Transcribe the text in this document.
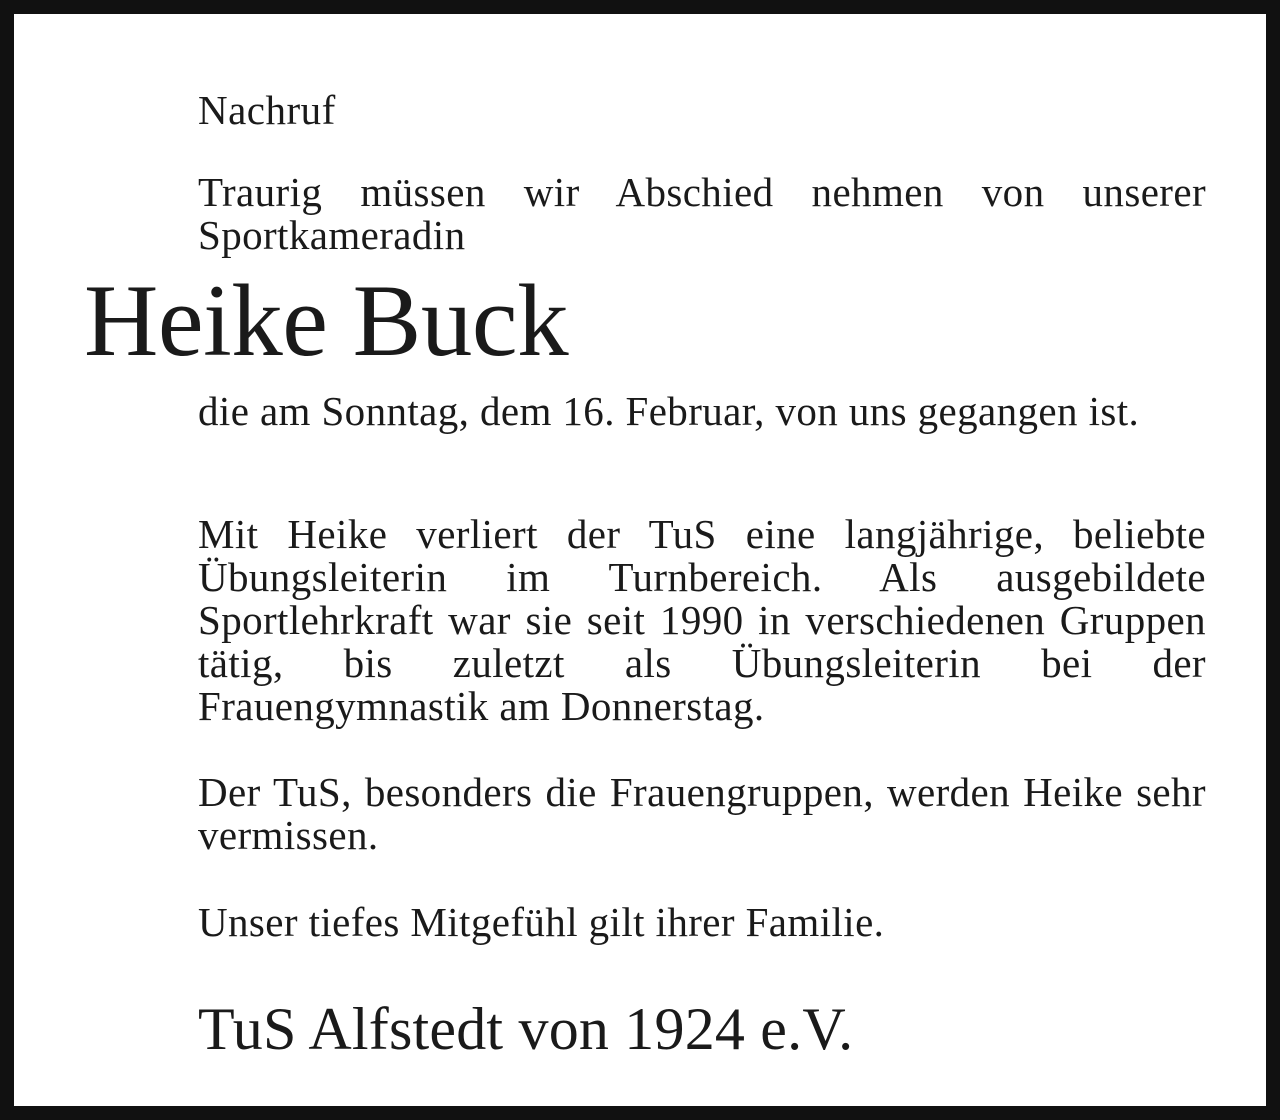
Nachruf
Traurig müssen wir Abschied nehmen von unserer Sportkameradin
Heike Buck
die am Sonntag, dem 16. Februar, von uns gegangen ist.
Mit Heike verliert der TuS eine langjährige, beliebte Übungsleiterin im Turnbereich. Als ausgebildete Sportlehrkraft war sie seit 1990 in verschiedenen Gruppen tätig, bis zuletzt als Übungsleiterin bei der Frauengymnastik am Donnerstag.
Der TuS, besonders die Frauengruppen, werden Heike sehr vermissen.
Unser tiefes Mitgefühl gilt ihrer Familie.
TuS Alfstedt von 1924 e.V.
